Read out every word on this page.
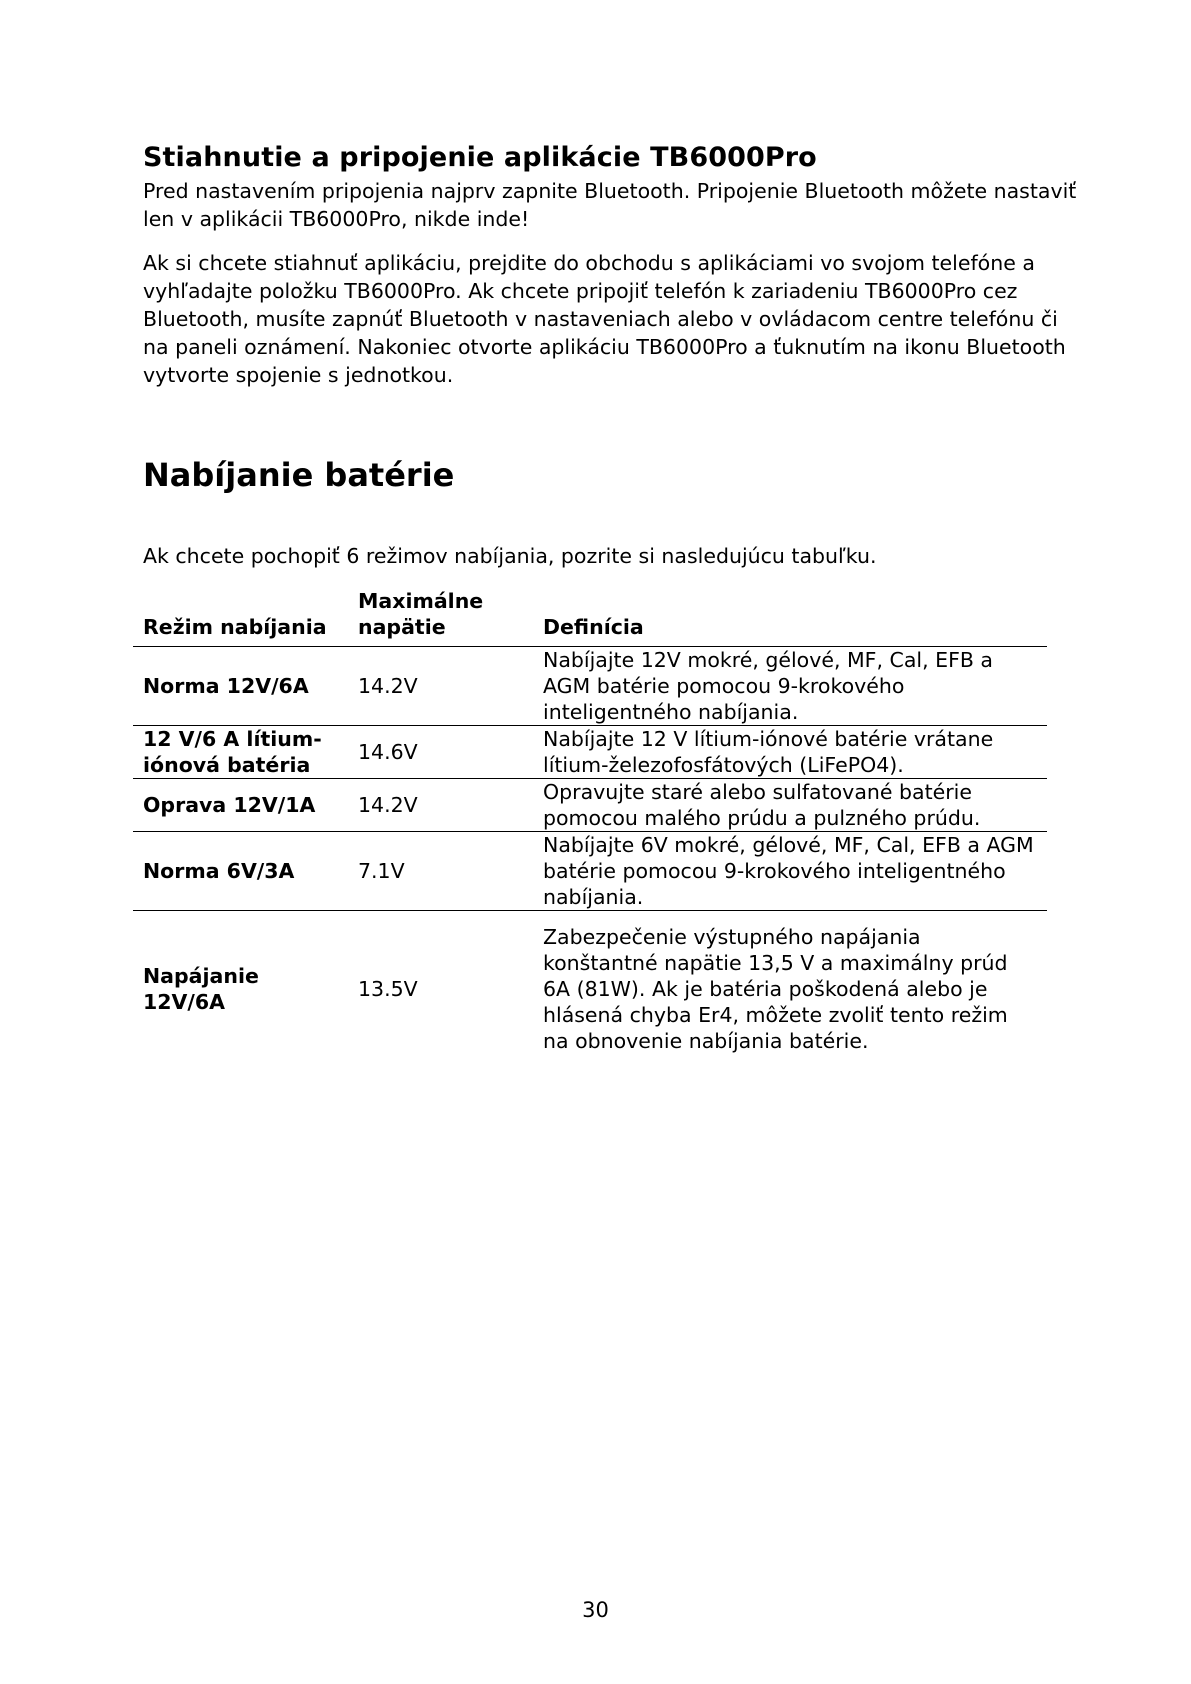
Stiahnutie a pripojenie aplikácie TB6000Pro

Pred nastavením pripojenia najprv zapnite Bluetooth. Pripojenie Bluetooth môžete nastaviť len v aplikácii TB6000Pro, nikde inde!

Ak si chcete stiahnuť aplikáciu, prejdite do obchodu s aplikáciami vo svojom telefóne a vyhľadajte položku TB6000Pro. Ak chcete pripojiť telefón k zariadeniu TB6000Pro cez Bluetooth, musíte zapnúť Bluetooth v nastaveniach alebo v ovládacom centre telefónu či na paneli oznámení. Nakoniec otvorte aplikáciu TB6000Pro a ťuknutím na ikonu Bluetooth vytvorte spojenie s jednotkou.

Nabíjanie batérie

Ak chcete pochopiť 6 režimov nabíjania, pozrite si nasledujúcu tabuľku.

Režim nabíjania	Maximálne napätie	Definícia
Norma 12V/6A	14.2V	Nabíjajte 12V mokré, gélové, MF, Cal, EFB a AGM batérie pomocou 9-krokového inteligentného nabíjania.
12 V/6 A lítium-iónová batéria	14.6V	Nabíjajte 12 V lítium-iónové batérie vrátane lítium-železofosfátových (LiFePO4).
Oprava 12V/1A	14.2V	Opravujte staré alebo sulfatované batérie pomocou malého prúdu a pulzného prúdu.
Norma 6V/3A	7.1V	Nabíjajte 6V mokré, gélové, MF, Cal, EFB a AGM batérie pomocou 9-krokového inteligentného nabíjania.
Napájanie 12V/6A	13.5V	Zabezpečenie výstupného napájania konštantné napätie 13,5 V a maximálny prúd 6A (81W). Ak je batéria poškodená alebo je hlásená chyba Er4, môžete zvoliť tento režim na obnovenie nabíjania batérie.
30
